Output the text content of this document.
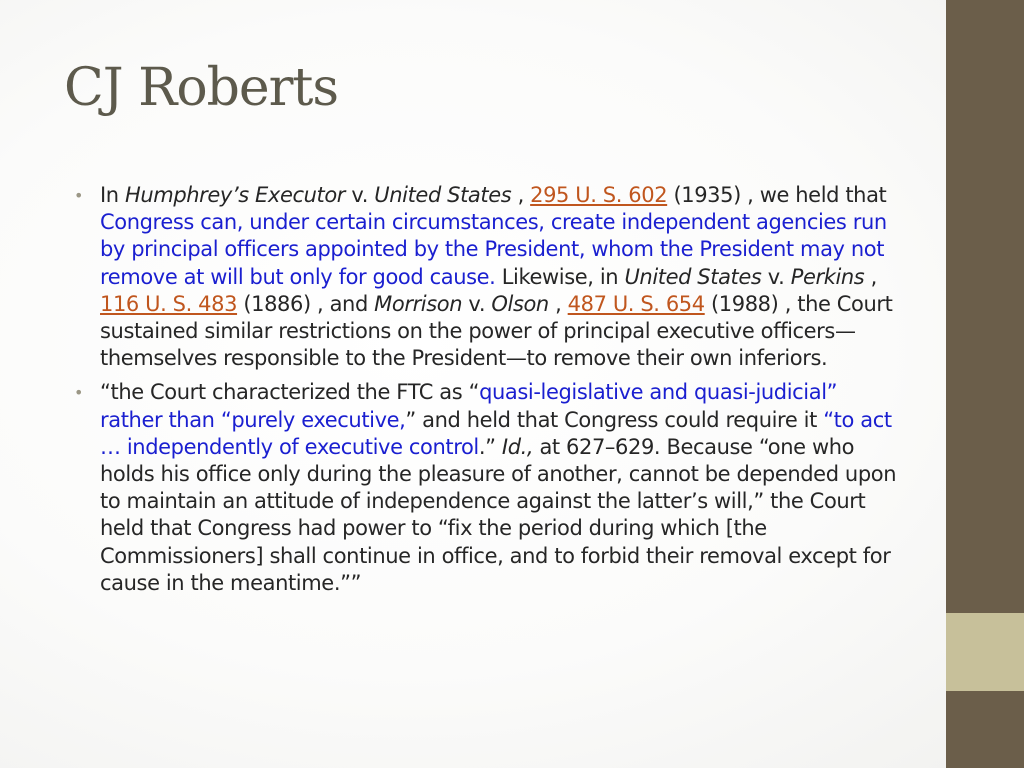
CJ Roberts
• In Humphrey’s Executor v. United States , 295 U. S. 602 (1935) , we held that Congress can, under certain circumstances, create independent agencies run by principal officers appointed by the President, whom the President may not remove at will but only for good cause. Likewise, in United States v. Perkins , 116 U. S. 483 (1886) , and Morrison v. Olson , 487 U. S. 654 (1988) , the Court sustained similar restrictions on the power of principal executive officers—themselves responsible to the President—to remove their own inferiors.
• “the Court characterized the FTC as “quasi-legislative and quasi-judicial” rather than “purely executive,” and held that Congress could require it “to act … independently of executive control.” Id., at 627–629. Because “one who holds his office only during the pleasure of another, cannot be depended upon to maintain an attitude of independence against the latter’s will,” the Court held that Congress had power to “fix the period during which [the Commissioners] shall continue in office, and to forbid their removal except for cause in the meantime.””
